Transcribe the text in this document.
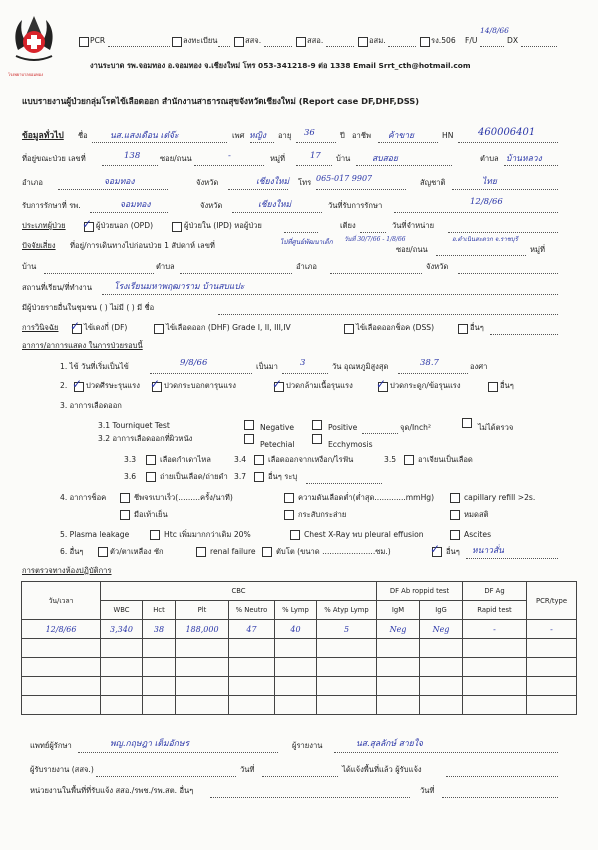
โรงพยาบาลจอมทอง
PCR	ลงทะเบียน	สสจ.	สสอ.	อสม.	รง.506 F/U
14/8/66
DX
งานระบาด รพ.จอมทอง อ.จอมทอง จ.เชียงใหม่ โทร 053-341218-9 ต่อ 1338 Email Srrt_cth@hotmail.com
แบบรายงานผู้ป่วยกลุ่มโรคไข้เลือดออก สำนักงานสาธารณสุขจังหวัดเชียงใหม่ (Report case DF,DHF,DSS)
ข้อมูลทั่วไป ชื่อ	นส.แสงเดือน เต๋จ๊ะ	เพศ หญิง อายุ 36	ปี อาชีพ ค้าขาย	HN 460006401
ที่อยู่ขณะป่วย เลขที่	138	ซอย/ถนน	-	หมู่ที่	17 บ้าน	สบสอย	ตำบล บ้านหลวง
อำเภอ	จอมทอง	จังหวัด	เชียงใหม่ โทร 065-017 9907	สัญชาติ	ไทย
รับการรักษาที่ รพ.	จอมทอง	จังหวัด	เชียงใหม่	วันที่รับการรักษา	12/8/66
ประเภทผู้ป่วย ✓ ผู้ป่วยนอก (OPD)	ผู้ป่วยใน (IPD) หอผู้ป่วย	เตียง	วันที่จำหน่าย
ปัจจัยเสี่ยง ที่อยู่/การเดินทางไปก่อนป่วย 1 สัปดาห์ เลขที่	ไปที่ศูนย์พัฒนาเด็ก วันที่ 30/7/66 - 1/8/66	อ.ดำเนินสะดวก จ.ราชบุรี
ซอย/ถนน	หมู่ที่
บ้าน	ตำบล	อำเภอ	จังหวัด
สถานที่เรียน/ที่ทำงาน	โรงเรียนมหาพฤฒาราม บ้านสบแปะ
มีผู้ป่วยรายอื่นในชุมชน ( ) ไม่มี ( ) มี ชื่อ
การวินิจฉัย ✓ ไข้เดงกี่ (DF)	ไข้เลือดออก (DHF) Grade I, II, III,IV	ไข้เลือดออกช็อค (DSS)	อื่นๆ
อาการ/อาการแสดง ในการป่วยรอบนี้
1. ไข้ วันที่เริ่มเป็นไข้	9/8/66	เป็นมา	3	วัน อุณหภูมิสูงสุด	38.7	องศา
2. ✓ ปวดศีรษะรุนแรง ✓ ปวดกระบอกตารุนแรง	✓ ปวดกล้ามเนื้อรุนแรง ✓ ปวดกระดูก/ข้อรุนแรง	อื่นๆ
3. อาการเลือดออก
3.1 Tourniquet Test	Negative	Positive	จุด/Inch²	ไม่ได้ตรวจ
3.2 อาการเลือดออกที่ผิวหนัง
Petechial	Ecchymosis
3.3	เลือดกำเดาไหล	3.4	เลือดออกจากเหงือก/ไรฟัน	3.5	อาเจียนเป็นเลือด
3.6	ถ่ายเป็นเลือด/ถ่ายดำ 3.7	อื่นๆ ระบุ
4. อาการช็อค	ชีพจรเบาเร็ว(.........ครั้ง/นาที)	ความดันเลือดต่ำ(ต่ำสุด.............mmHg)	capillary refill >2s.
มือเท้าเย็น	กระสับกระส่าย	หมดสติ
5. Plasma leakage	Htc เพิ่มมากกว่าเดิม 20%	Chest X-Ray พบ pleural effusion	Ascites
6. อื่นๆ	ตัว/ตาเหลือง ชัก	renal failure	ตับโต (ขนาด ......................ซม.)	✓ อื่นๆ หนาวสั่น
การตรวจทางห้องปฏิบัติการ
วัน/เวลา	CBC						DF Ab roppid test		DF Ag	PCR/type
	WBC	Hct	Plt	% Neutro	% Lymp	% Atyp Lymp	IgM	IgG	Rapid test	
12/8/66	3,340	38	188,000	47	40	5	Neg	Neg	-	-

แพทย์ผู้รักษา	พญ.กฤษฎา เต็มอักษร	ผู้รายงาน	นส.สุลลักษ์ สายใจ
ผู้รับรายงาน (สสจ.)	วันที่	ได้แจ้งพื้นที่แล้ว ผู้รับแจ้ง
หน่วยงานในพื้นที่ที่รับแจ้ง สสอ./รพช./รพ.สต. อื่นๆ	วันที่
